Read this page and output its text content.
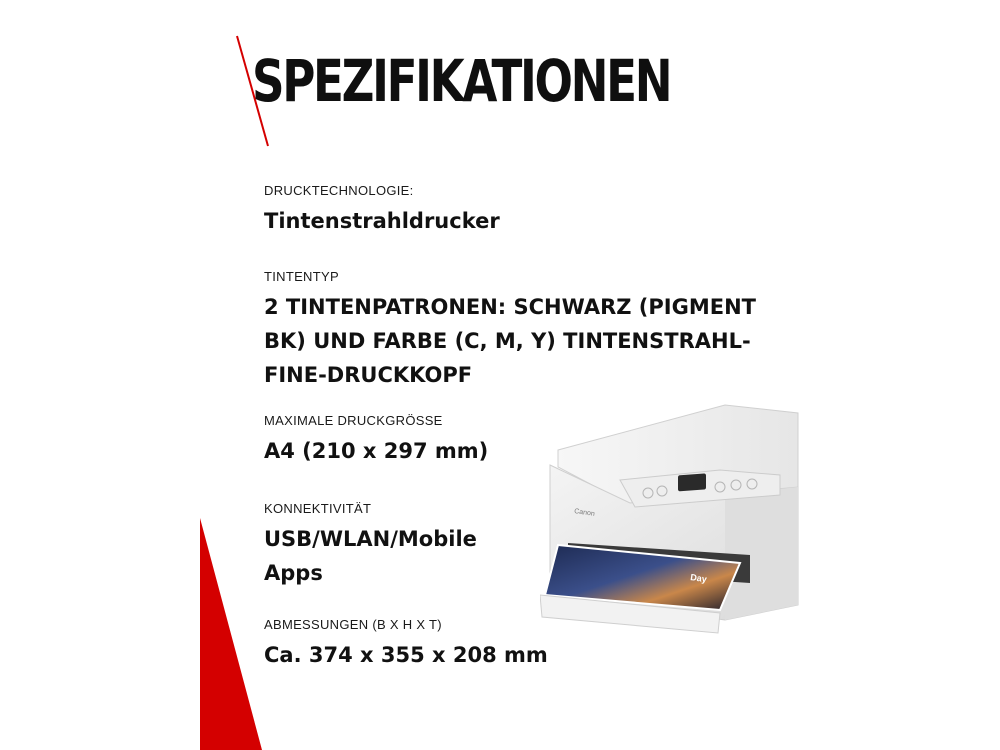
SPEZIFIKATIONEN
DRUCKTECHNOLOGIE:
Tintenstrahldrucker
TINTENTYP
2 TINTENPATRONEN: SCHWARZ (PIGMENT BK) UND FARBE (C, M, Y) TINTENSTRAHL-FINE-DRUCKKOPF
MAXIMALE DRUCKGRÖSSE
A4 (210 x 297 mm)
KONNEKTIVITÄT
USB/WLAN/Mobile Apps
ABMESSUNGEN (B X H X T)
Ca. 374 x 355 x 208 mm
Canon
Day
